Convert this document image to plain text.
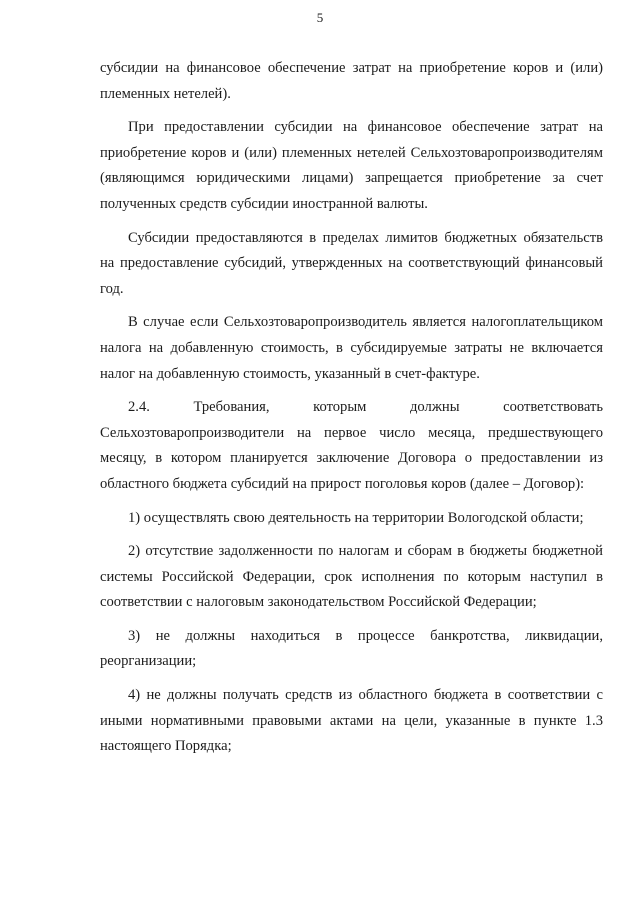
5

субсидии на финансовое обеспечение затрат на приобретение коров и (или) племенных нетелей).

При предоставлении субсидии на финансовое обеспечение затрат на приобретение коров и (или) племенных нетелей Сельхозтоваропроизводителям (являющимся юридическими лицами) запрещается приобретение за счет полученных средств субсидии иностранной валюты.

Субсидии предоставляются в пределах лимитов бюджетных обязательств на предоставление субсидий, утвержденных на соответствующий финансовый год.

В случае если Сельхозтоваропроизводитель является налогоплательщиком налога на добавленную стоимость, в субсидируемые затраты не включается налог на добавленную стоимость, указанный в счет-фактуре.

2.4. Требования, которым должны соответствовать Сельхозтоваропроизводители на первое число месяца, предшествующего месяцу, в котором планируется заключение Договора о предоставлении из областного бюджета субсидий на прирост поголовья коров (далее – Договор):

1) осуществлять свою деятельность на территории Вологодской области;

2) отсутствие задолженности по налогам и сборам в бюджеты бюджетной системы Российской Федерации, срок исполнения по которым наступил в соответствии с налоговым законодательством Российской Федерации;

3) не должны находиться в процессе банкротства, ликвидации, реорганизации;

4) не должны получать средств из областного бюджета в соответствии с иными нормативными правовыми актами на цели, указанные в пункте 1.3 настоящего Порядка;
